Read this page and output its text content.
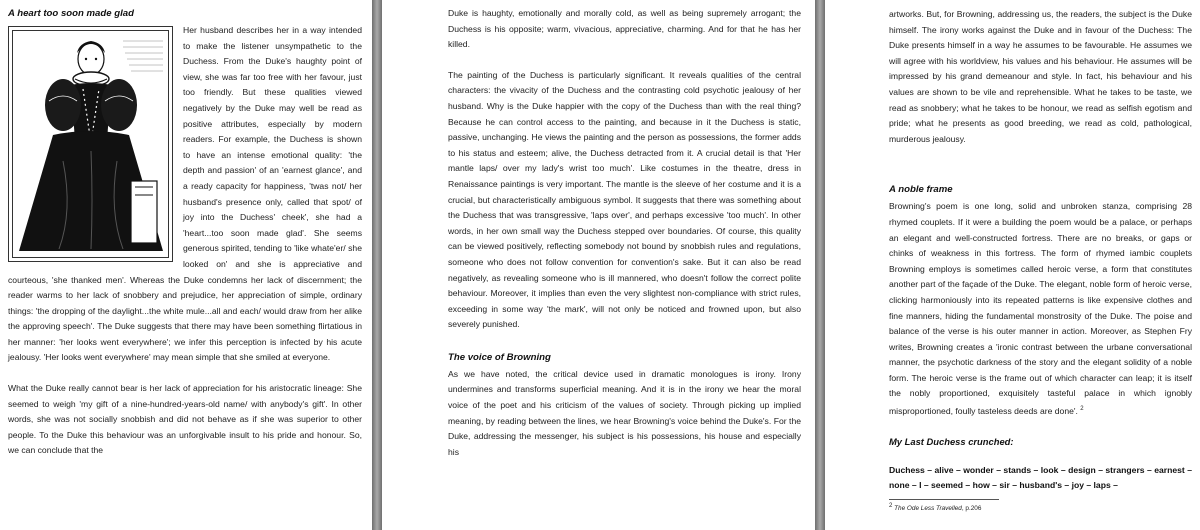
A heart too soon made glad

Her husband describes her in a way intended to make the listener unsympathetic to the Duchess. From the Duke's haughty point of view, she was far too free with her favour, just too friendly. But these qualities viewed negatively by the Duke may well be read as positive attributes, especially by modern readers. For example, the Duchess is shown to have an intense emotional quality: 'the depth and passion' of an 'earnest glance', and a ready capacity for happiness, 'twas not/ her husband's presence only, called that spot/ of joy into the Duchess' cheek', she had a 'heart...too soon made glad'. She seems generous spirited, tending to 'like whate'er/ she looked on' and she is appreciative and courteous, 'she thanked men'. Whereas the Duke condemns her lack of discernment; the reader warms to her lack of snobbery and prejudice, her appreciation of simple, ordinary things: 'the dropping of the daylight...the white mule...all and each/ would draw from her alike the approving speech'. The Duke suggests that there may have been something flirtatious in her manner: 'her looks went everywhere'; we infer this perception is infected by his acute jealousy. 'Her looks went everywhere' may mean simple that she smiled at everyone.

What the Duke really cannot bear is her lack of appreciation for his aristocratic lineage: She seemed to weigh 'my gift of a nine-hundred-years-old name/ with anybody's gift'. In other words, she was not socially snobbish and did not behave as if she was superior to other people. To the Duke this behaviour was an unforgivable insult to his pride and honour. So, we can conclude that the

Duke is haughty, emotionally and morally cold, as well as being supremely arrogant; the Duchess is his opposite; warm, vivacious, appreciative, charming. And for that he has her killed.

The painting of the Duchess is particularly significant. It reveals qualities of the central characters: the vivacity of the Duchess and the contrasting cold psychotic jealousy of her husband. Why is the Duke happier with the copy of the Duchess than with the real thing? Because he can control access to the painting, and because in it the Duchess is static, passive, unchanging. He views the painting and the person as possessions, the former adds to his status and esteem; alive, the Duchess detracted from it. A crucial detail is that 'Her mantle laps/ over my lady's wrist too much'. Like costumes in the theatre, dress in Renaissance paintings is very important. The mantle is the sleeve of her costume and it is a crucial, but characteristically ambiguous symbol. It suggests that there was something about the Duchess that was transgressive, 'laps over', and perhaps excessive 'too much'. In other words, in her own small way the Duchess stepped over boundaries. Of course, this quality can be viewed positively, reflecting somebody not bound by snobbish rules and regulations, someone who does not follow convention for convention's sake. But it can also be read negatively, as revealing someone who is ill mannered, who doesn't follow the correct polite behaviour. Moreover, it implies than even the very slightest non-compliance with strict rules, exceeding in some way 'the mark', will not only be noticed and frowned upon, but also severely punished.

The voice of Browning

As we have noted, the critical device used in dramatic monologues is irony. Irony undermines and transforms superficial meaning. And it is in the irony we hear the moral voice of the poet and his criticism of the values of society. Through picking up implied meaning, by reading between the lines, we hear Browning's voice behind the Duke's. For the Duke, addressing the messenger, his subject is his possessions, his house and especially his

artworks. But, for Browning, addressing us, the readers, the subject is the Duke himself. The irony works against the Duke and in favour of the Duchess: The Duke presents himself in a way he assumes to be favourable. He assumes we will agree with his worldview, his values and his behaviour. He assumes will be impressed by his grand demeanour and style. In fact, his behaviour and his values are shown to be vile and reprehensible. What he takes to be taste, we read as snobbery; what he takes to be honour, we read as selfish egotism and pride; what he presents as good breeding, we read as cold, pathological, murderous jealousy.

A noble frame

Browning's poem is one long, solid and unbroken stanza, comprising 28 rhymed couplets. If it were a building the poem would be a palace, or perhaps an elegant and well-constructed fortress. There are no breaks, or gaps or chinks of weakness in this fortress. The form of rhymed iambic couplets Browning employs is sometimes called heroic verse, a form that constitutes another part of the façade of the Duke. The elegant, noble form of heroic verse, clicking harmoniously into its repeated patterns is like expensive clothes and fine manners, hiding the fundamental monstrosity of the Duke. The poise and balance of the verse is his outer manner in action. Moreover, as Stephen Fry writes, Browning creates a 'ironic contrast between the urbane conversational manner, the psychotic darkness of the story and the elegant solidity of a noble form. The heroic verse is the frame out of which character can leap; it is itself the nobly proportioned, exquisitely tasteful palace in which ignobly misproportioned, foully tasteless deeds are done'. $^2$

My Last Duchess crunched:
Duchess – alive – wonder – stands – look – design – strangers – earnest – none – I – seemed – how – sir – husband's – joy – laps –
$^2$ The Ode Less Travelled, p.206
